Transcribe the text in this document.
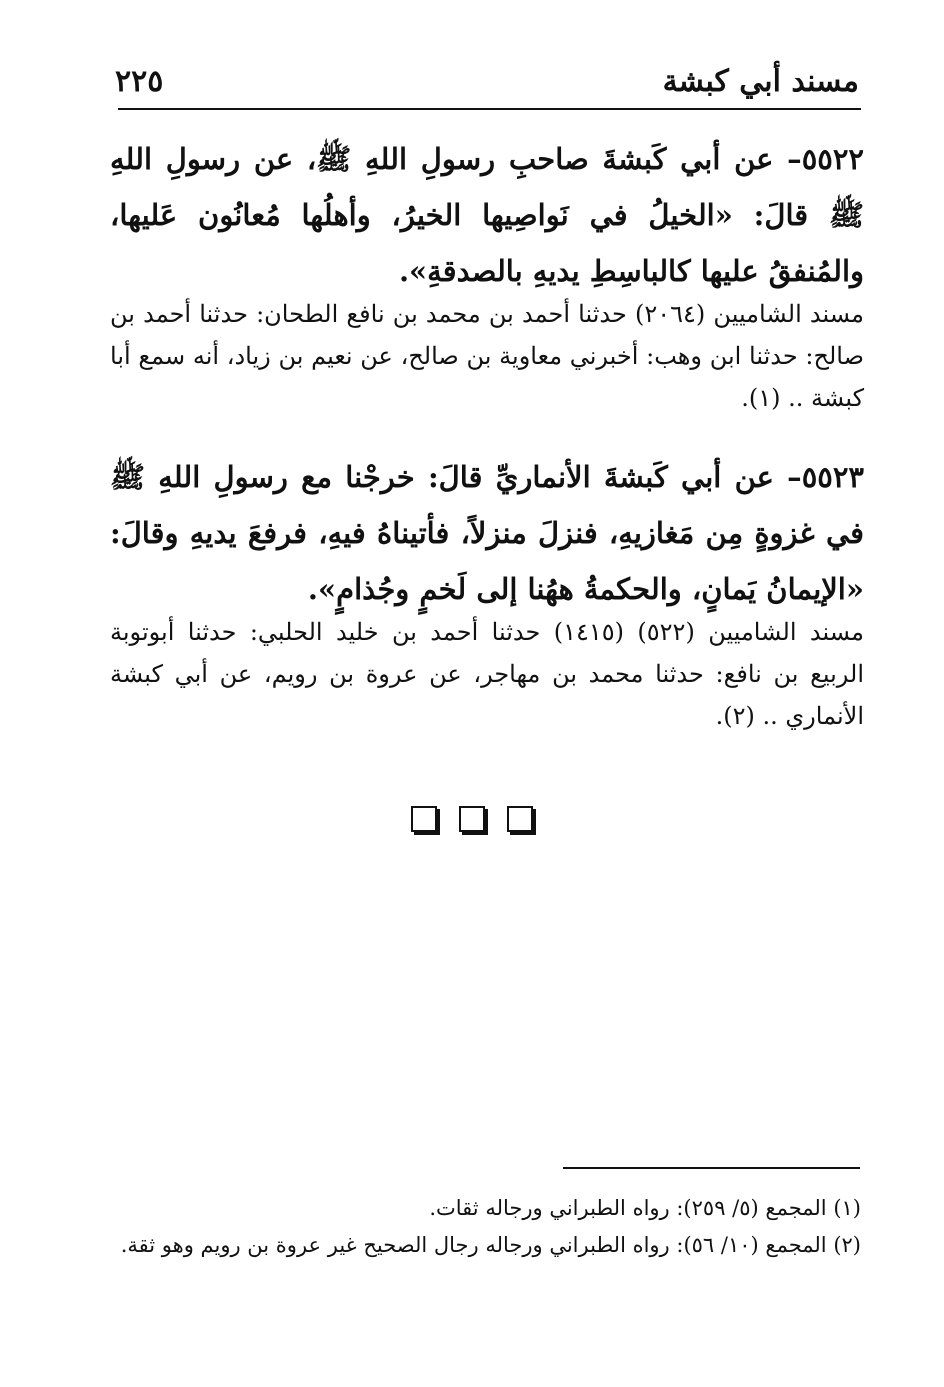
مسند أبي كبشة
٢٢٥
٥٥٢٢– عن أبي كَبشةَ صاحبِ رسولِ اللهِ ﷺ، عن رسولِ اللهِ ﷺ قالَ: «الخيلُ في نَواصِيها الخيرُ، وأهلُها مُعانُون عَليها، والمُنفقُ عليها كالباسِطِ يديهِ بالصدقةِ».
مسند الشاميين (٢٠٦٤) حدثنا أحمد بن محمد بن نافع الطحان: حدثنا أحمد بن صالح: حدثنا ابن وهب: أخبرني معاوية بن صالح، عن نعيم بن زياد، أنه سمع أبا كبشة .. (١).
٥٥٢٣– عن أبي كَبشةَ الأنماريِّ قالَ: خرجْنا مع رسولِ اللهِ ﷺ في غزوةٍ مِن مَغازيهِ، فنزلَ منزلاً، فأتيناهُ فيهِ، فرفعَ يديهِ وقالَ: «الإيمانُ يَمانٍ، والحكمةُ ههُنا إلى لَخمٍ وجُذامٍ».
مسند الشاميين (٥٢٢) (١٤١٥) حدثنا أحمد بن خليد الحلبي: حدثنا أبوتوبة الربيع بن نافع: حدثنا محمد بن مهاجر، عن عروة بن رويم، عن أبي كبشة الأنماري .. (٢).
(١) المجمع (٥/ ٢٥٩): رواه الطبراني ورجاله ثقات.
(٢) المجمع (١٠/ ٥٦): رواه الطبراني ورجاله رجال الصحيح غير عروة بن رويم وهو ثقة.
